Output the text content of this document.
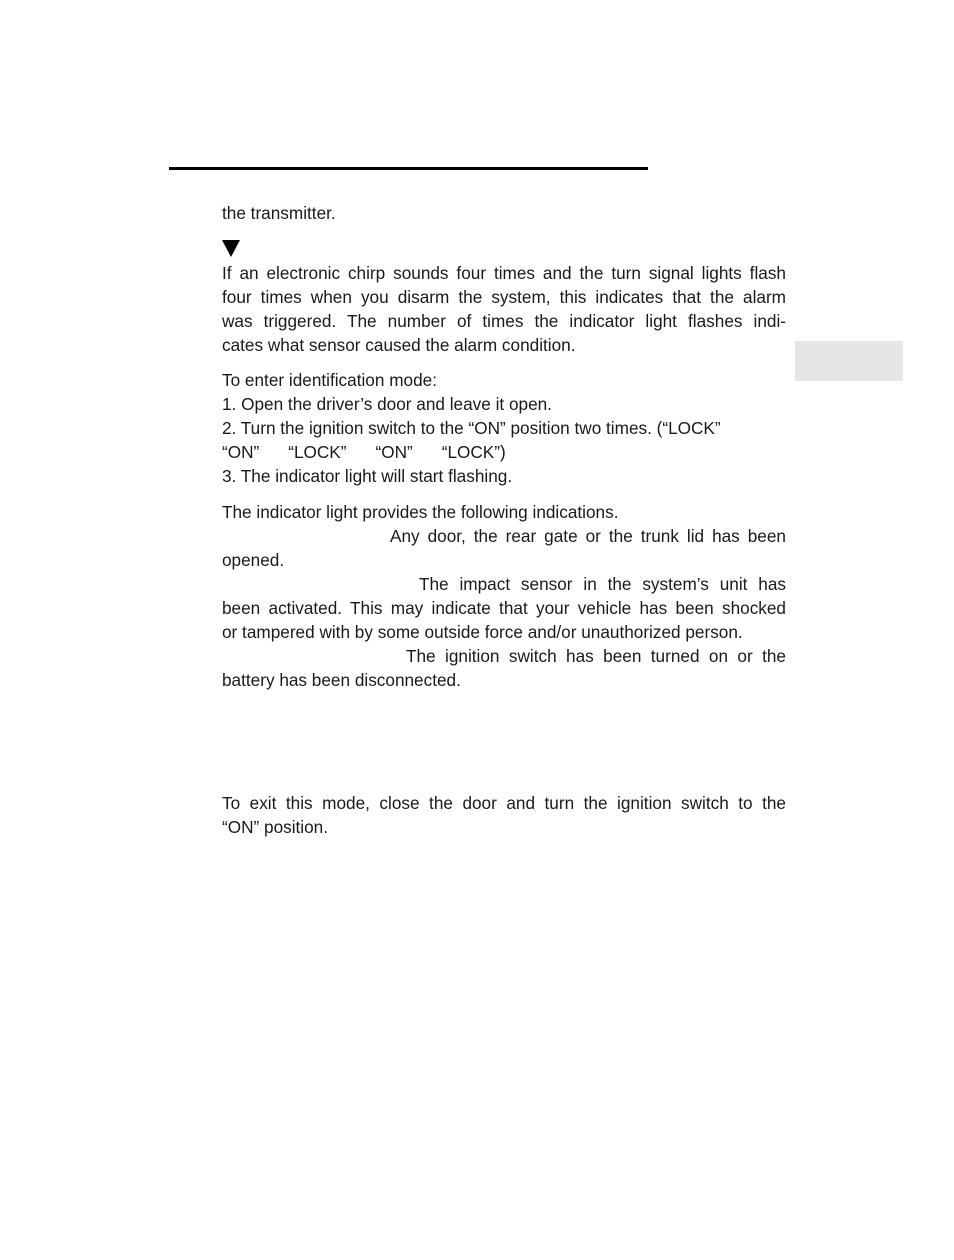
the transmitter.
If an electronic chirp sounds four times and the turn signal lights flash
four times when you disarm the system, this indicates that the alarm
was triggered. The number of times the indicator light flashes indi-
cates what sensor caused the alarm condition.
To enter identification mode:
1. Open the driver’s door and leave it open.
2. Turn the ignition switch to the “ON” position two times. (“LOCK”
“ON” “LOCK” “ON” “LOCK”)
3. The indicator light will start flashing.
The indicator light provides the following indications.
Any door, the rear gate or the trunk lid has been
opened.
The impact sensor in the system’s unit has
been activated. This may indicate that your vehicle has been shocked
or tampered with by some outside force and/or unauthorized person.
The ignition switch has been turned on or the
battery has been disconnected.
To exit this mode, close the door and turn the ignition switch to the
“ON” position.
